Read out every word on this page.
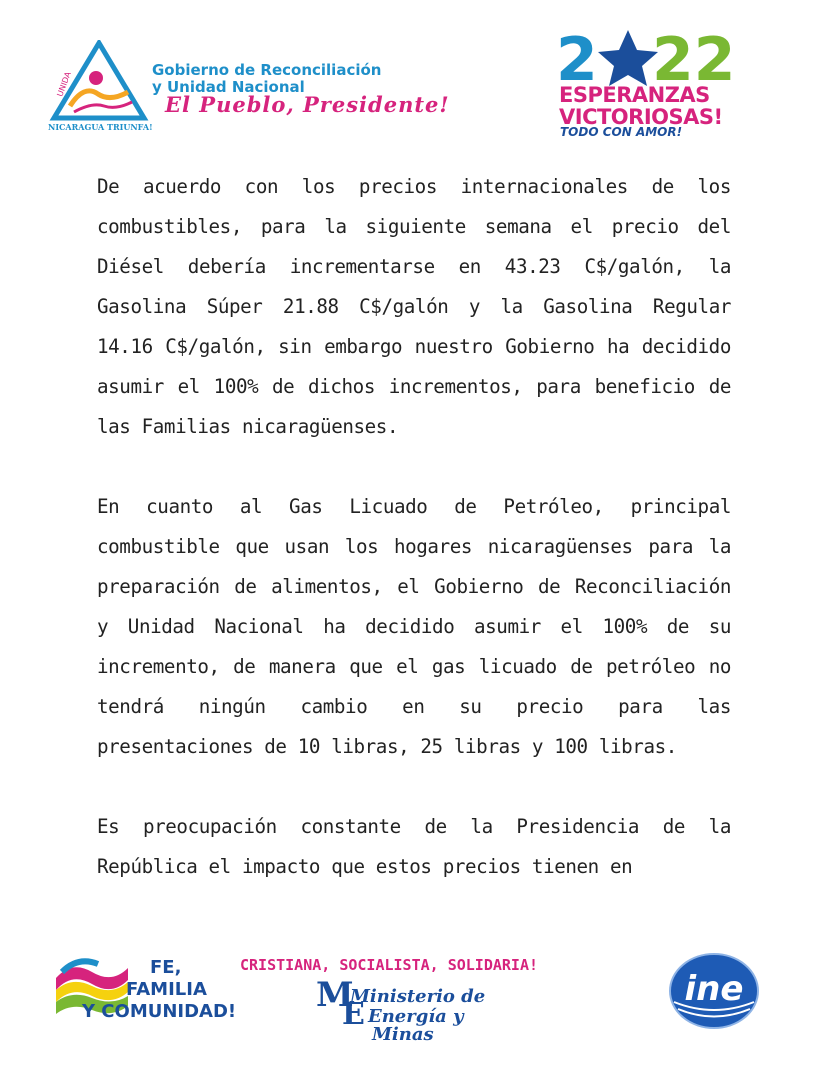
UNIDA
NICARAGUA TRIUNFA!
Gobierno de Reconciliación
y Unidad Nacional
El Pueblo, Presidente!
2 22
ESPERANZAS
VICTORIOSAS!
TODO CON AMOR!

De acuerdo con los precios internacionales de los combustibles, para la siguiente semana el precio del Diésel debería incrementarse en 43.23 C$/galón, la Gasolina Súper 21.88 C$/galón y la Gasolina Regular 14.16 C$/galón, sin embargo nuestro Gobierno ha decidido asumir el 100% de dichos incrementos, para beneficio de las Familias nicaragüenses.

En cuanto al Gas Licuado de Petróleo, principal combustible que usan los hogares nicaragüenses para la preparación de alimentos, el Gobierno de Reconciliación y Unidad Nacional ha decidido asumir el 100% de su incremento, de manera que el gas licuado de petróleo no tendrá ningún cambio en su precio para las presentaciones de 10 libras, 25 libras y 100 libras.

Es preocupación constante de la Presidencia de la República el impacto que estos precios tienen en

FE,
FAMILIA
Y COMUNIDAD!
CRISTIANA, SOCIALISTA, SOLIDARIA!
M
Ministerio de
E Energía y
Minas
ine
